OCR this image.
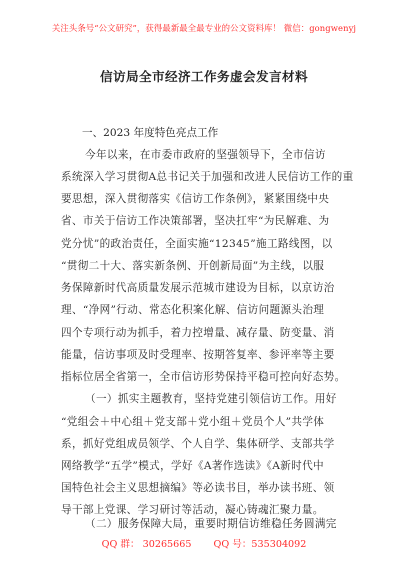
关注头条号“公文研究”，获得最新最全最专业的公文资料库！ 微信：gongwenyj
信访局全市经济工作务虚会发言材料
一、2023 年度特色亮点工作
今年以来，在市委市政府的坚强领导下，全市信访
系统深入学习贯彻A总书记关于加强和改进人民信访工作的重
要思想，深入贯彻落实《信访工作条例》，紧紧围绕中央
省、市关于信访工作决策部署，坚决扛牢“为民解难、为
党分忧”的政治责任，全面实施“12345”施工路线图，以
“贯彻二十大、落实新条例、开创新局面”为主线，以服
务保障新时代高质量发展示范城市建设为目标，以京访治
理、“净网”行动、常态化积案化解、信访问题源头治理
四个专项行动为抓手，着力控增量、减存量、防变量、消
能量，信访事项及时受理率、按期答复率、参评率等主要
指标位居全省第一，全市信访形势保持平稳可控向好态势。
（一）抓实主题教育，坚持党建引领信访工作。用好
“党组会＋中心组＋党支部＋党小组＋党员个人”共学体
系，抓好党组成员领学、个人自学、集体研学、支部共学
网络教学“五学”模式，学好《A著作选读》《A新时代中
国特色社会主义思想摘编》等必读书目，举办读书班、领
导干部上党课、学习研讨等活动，凝心铸魂汇聚力量。
（二）服务保障大局，重要时期信访维稳任务圆满完
QQ 群： 30265665 QQ 号：535304092
